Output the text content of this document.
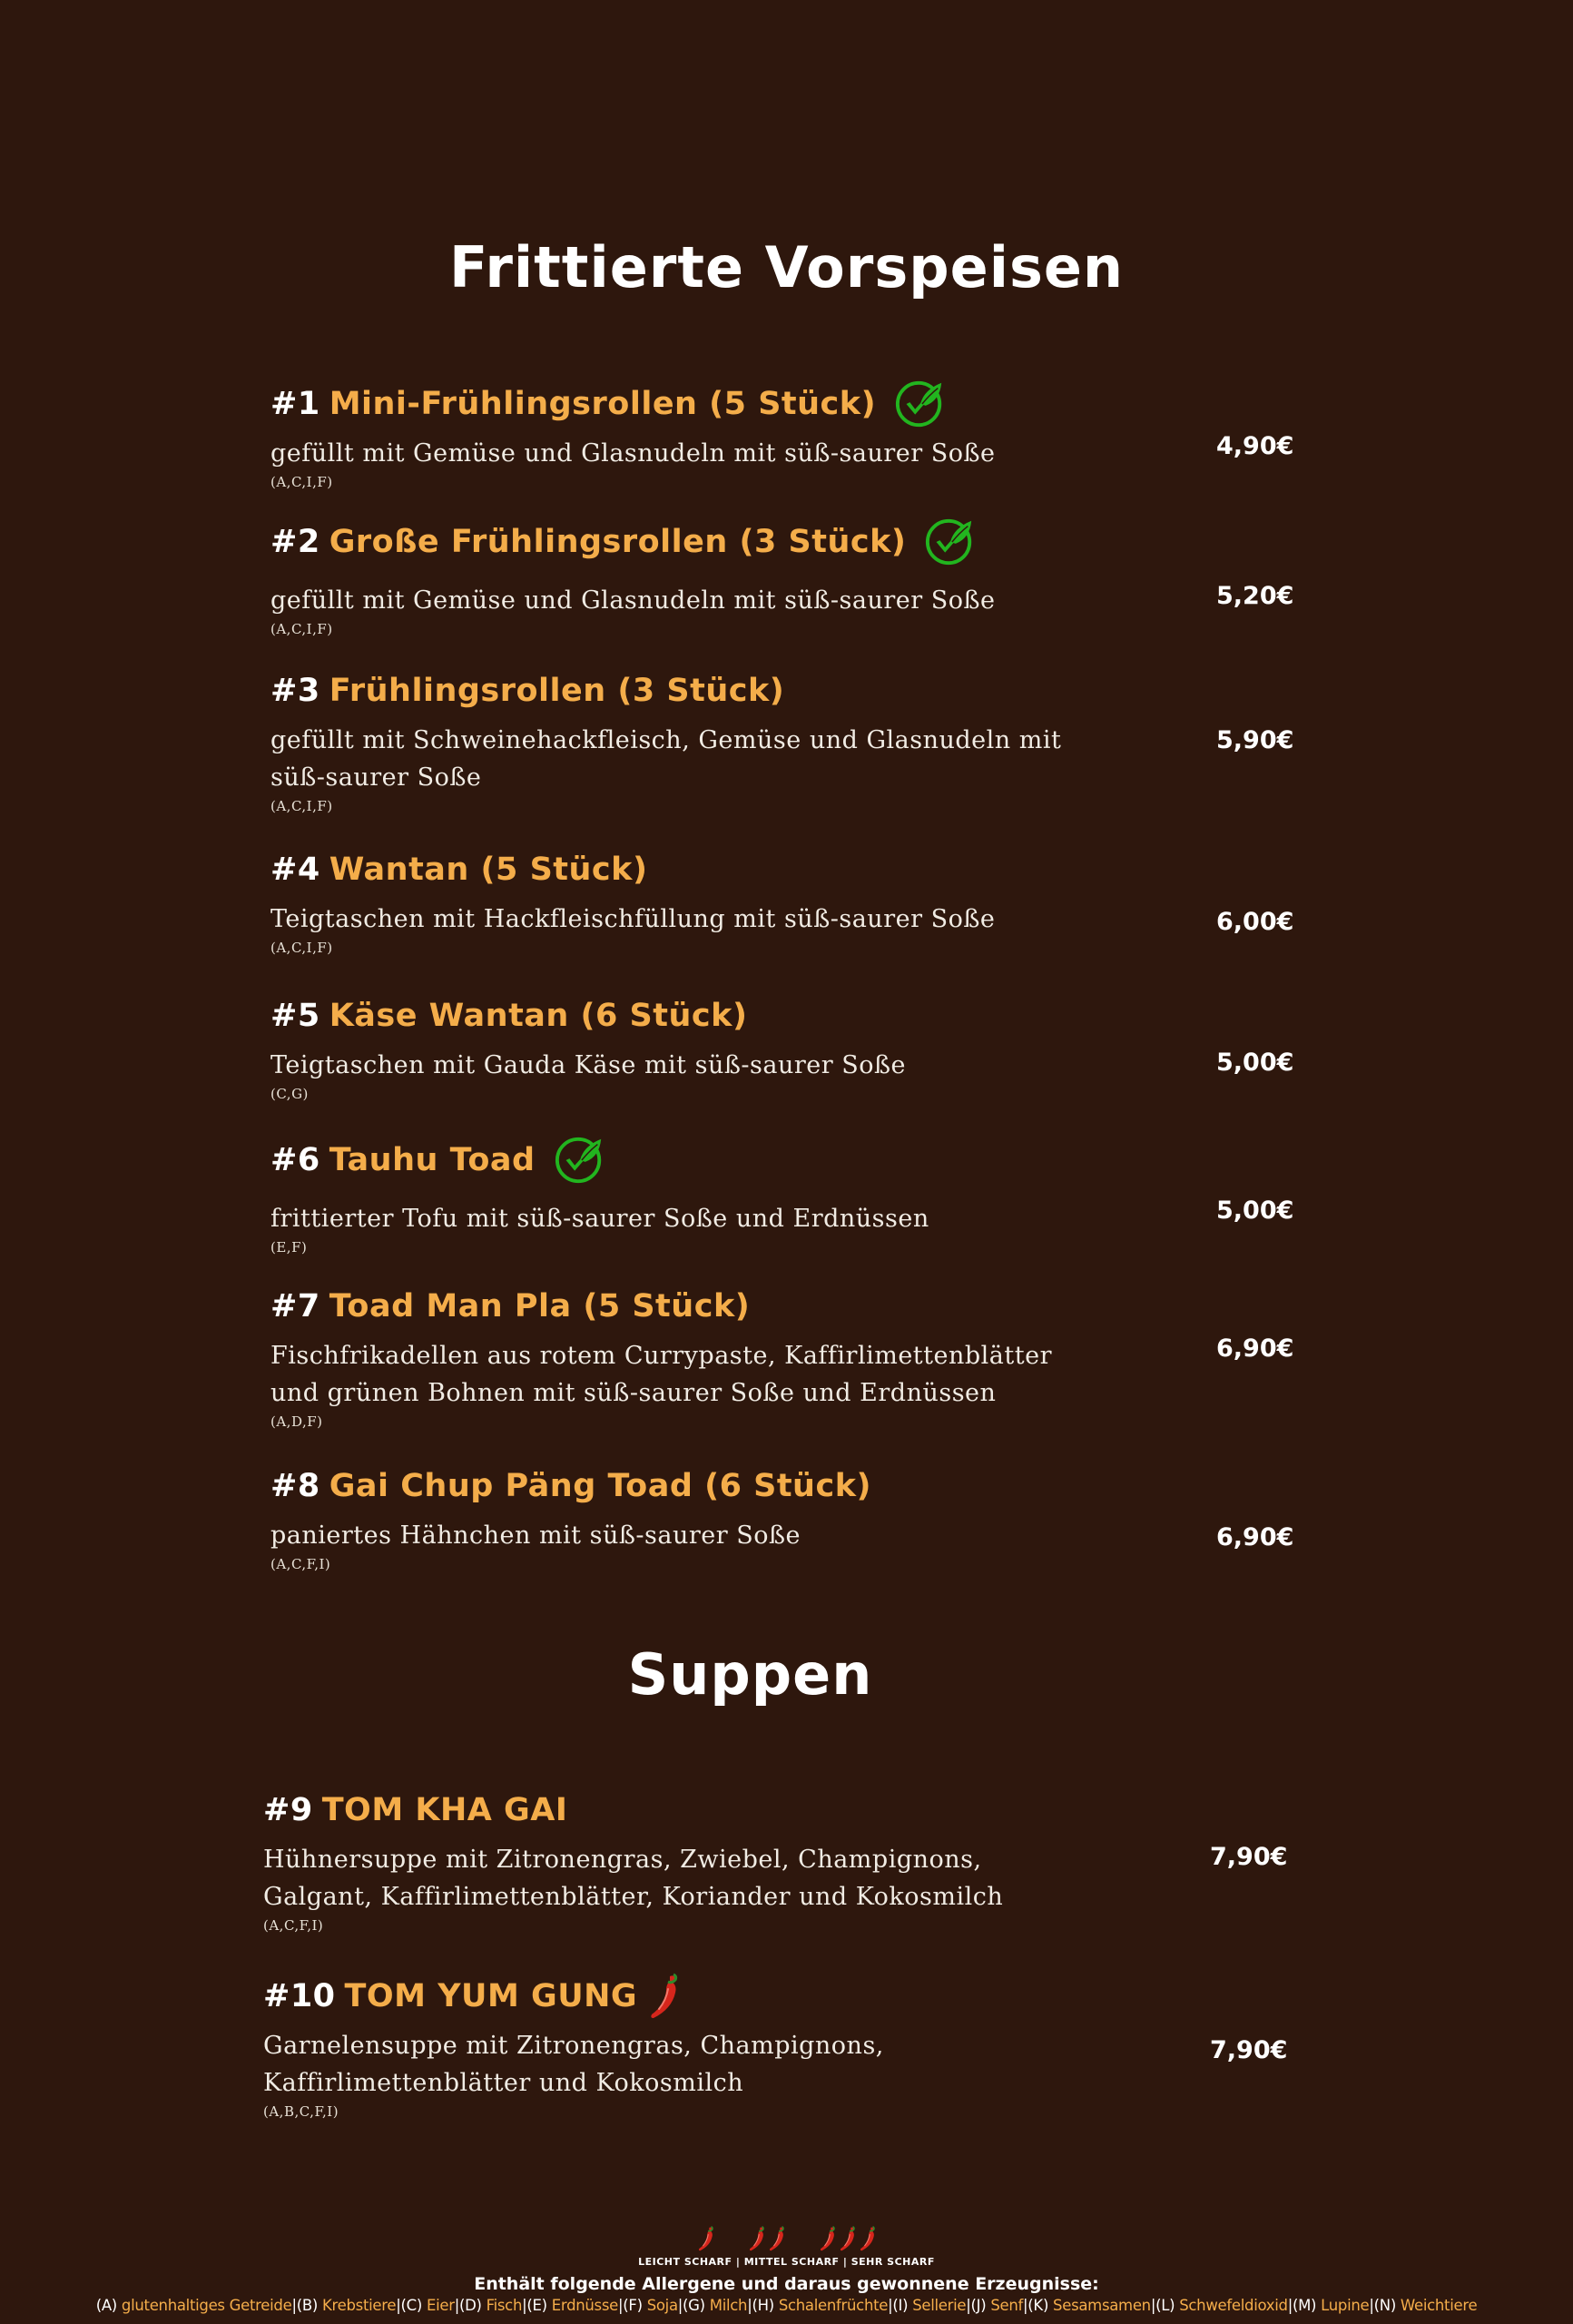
Frittierte Vorspeisen
#1 Mini-Frühlingsrollen (5 Stück)
gefüllt mit Gemüse und Glasnudeln mit süß-saurer Soße
(A,C,I,F)
4,90€
#2 Große Frühlingsrollen (3 Stück)
gefüllt mit Gemüse und Glasnudeln mit süß-saurer Soße
(A,C,I,F)
5,20€
#3 Frühlingsrollen (3 Stück)
gefüllt mit Schweinehackfleisch, Gemüse und Glasnudeln mit süß-saurer Soße
(A,C,I,F)
5,90€
#4 Wantan (5 Stück)
Teigtaschen mit Hackfleischfüllung mit süß-saurer Soße
(A,C,I,F)
6,00€
#5 Käse Wantan (6 Stück)
Teigtaschen mit Gauda Käse mit süß-saurer Soße
(C,G)
5,00€
#6 Tauhu Toad
frittierter Tofu mit süß-saurer Soße und Erdnüssen
(E,F)
5,00€
#7 Toad Man Pla (5 Stück)
Fischfrikadellen aus rotem Currypaste, Kaffirlimettenblätter und grünen Bohnen mit süß-saurer Soße und Erdnüssen
(A,D,F)
6,90€
#8 Gai Chup Päng Toad (6 Stück)
paniertes Hähnchen mit süß-saurer Soße
(A,C,F,I)
6,90€
Suppen
#9 TOM KHA GAI
Hühnersuppe mit Zitronengras, Zwiebel, Champignons, Galgant, Kaffirlimettenblätter, Koriander und Kokosmilch
(A,C,F,I)
7,90€
#10 TOM YUM GUNG
Garnelensuppe mit Zitronengras, Champignons, Kaffirlimettenblätter und Kokosmilch
(A,B,C,F,I)
7,90€
LEICHT SCHARF | MITTEL SCHARF | SEHR SCHARF
Enthält folgende Allergene und daraus gewonnene Erzeugnisse:
(A) glutenhaltiges Getreide|(B) Krebstiere|(C) Eier|(D) Fisch|(E) Erdnüsse|(F) Soja|(G) Milch|(H) Schalenfrüchte|(I) Sellerie|(J) Senf|(K) Sesamsamen|(L) Schwefeldioxid|(M) Lupine|(N) Weichtiere
